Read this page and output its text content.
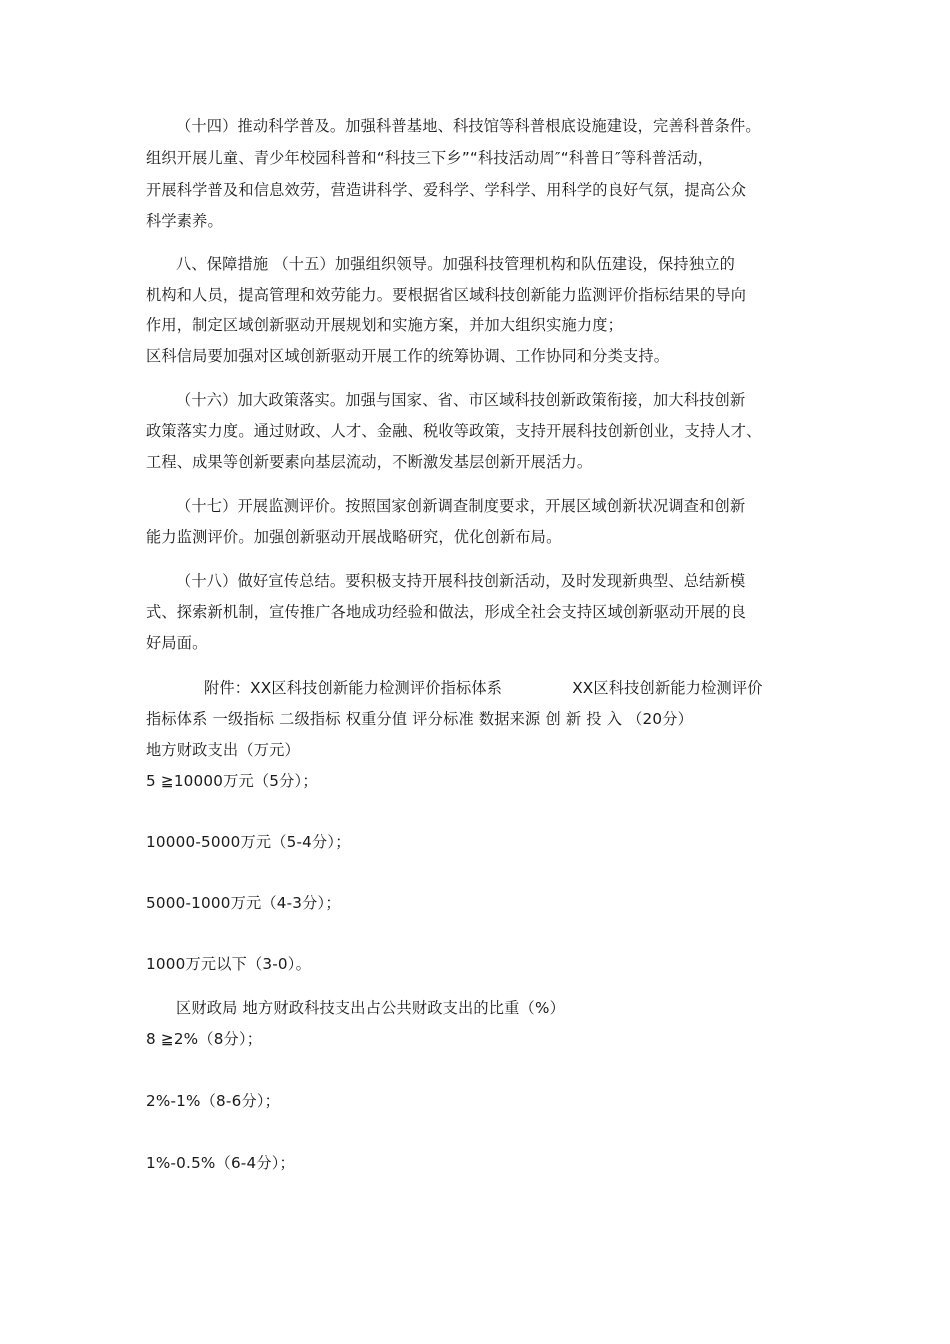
（十四）推动科学普及。加强科普基地、科技馆等科普根底设施建设，完善科普条件。
组织开展儿童、青少年校园科普和“科技三下乡”“科技活动周″“科普日″等科普活动，
开展科学普及和信息效劳，营造讲科学、爱科学、学科学、用科学的良好气氛，提高公众
科学素养。
八、保障措施 （十五）加强组织领导。加强科技管理机构和队伍建设，保持独立的
机构和人员，提高管理和效劳能力。要根据省区域科技创新能力监测评价指标结果的导向
作用，制定区域创新驱动开展规划和实施方案，并加大组织实施力度；
区科信局要加强对区域创新驱动开展工作的统筹协调、工作协同和分类支持。
（十六）加大政策落实。加强与国家、省、市区域科技创新政策衔接，加大科技创新
政策落实力度。通过财政、人才、金融、税收等政策，支持开展科技创新创业，支持人才、
工程、成果等创新要素向基层流动，不断激发基层创新开展活力。
（十七）开展监测评价。按照国家创新调查制度要求，开展区域创新状况调查和创新
能力监测评价。加强创新驱动开展战略研究，优化创新布局。
（十八）做好宣传总结。要积极支持开展科技创新活动，及时发现新典型、总结新模
式、探索新机制，宣传推广各地成功经验和做法，形成全社会支持区域创新驱动开展的良
好局面。
附件：XX区科技创新能力检测评价指标体系	XX区科技创新能力检测评价
指标体系 一级指标 二级指标 权重分值 评分标准 数据来源 创 新 投 入 （20分）
地方财政支出（万元）
5 ≧10000万元（5分）；
10000-5000万元（5-4分）；
5000-1000万元（4-3分）；
1000万元以下（3-0）。
区财政局 地方财政科技支出占公共财政支出的比重（%）
8 ≧2%（8分）；
2%-1%（8-6分）；
1%-0.5%（6-4分）；
